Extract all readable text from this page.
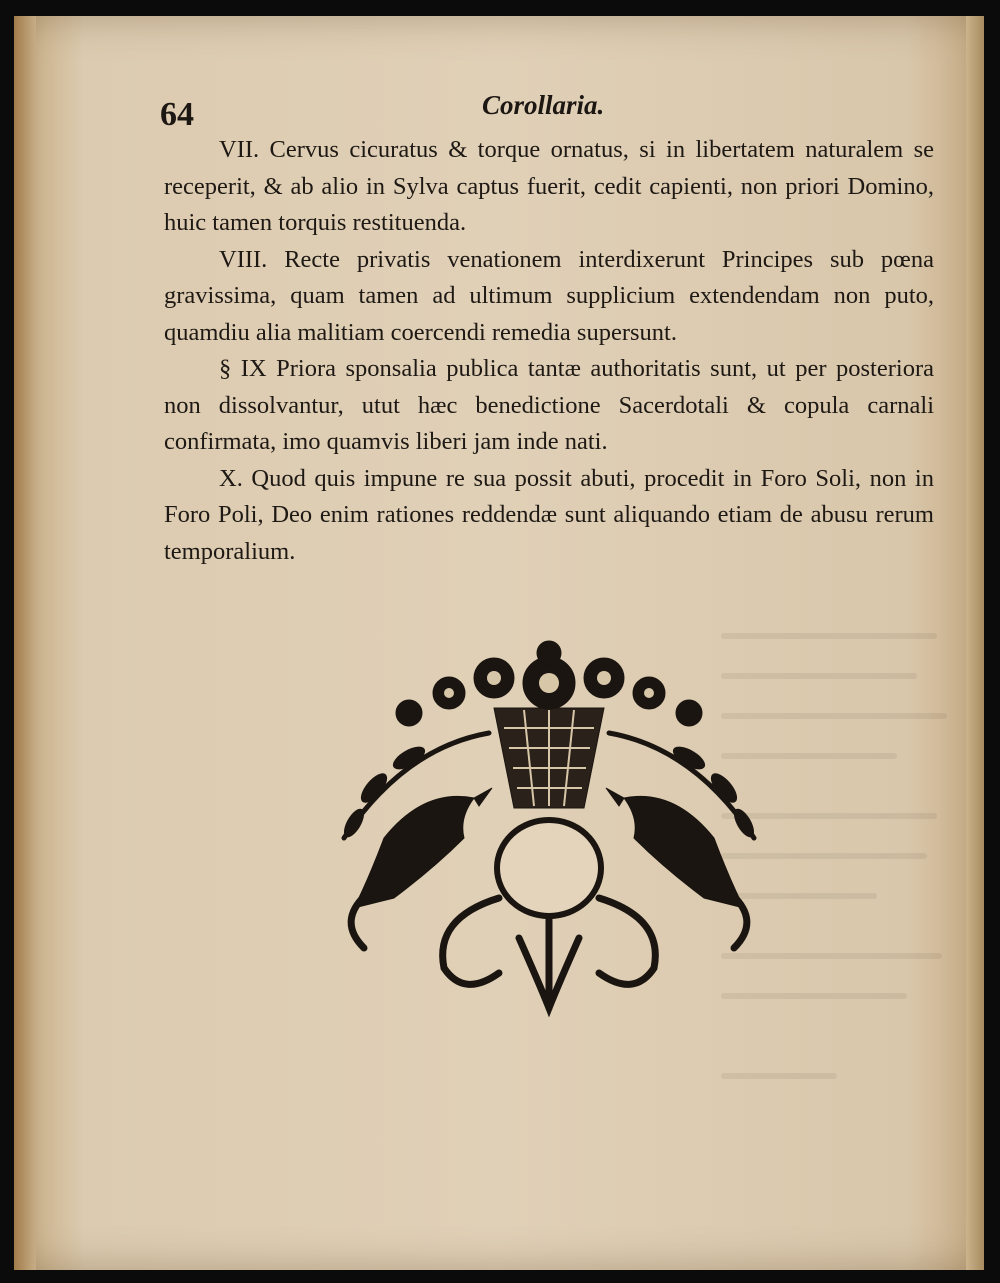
64	Corollaria.

VII. Cervus cicuratus & torque ornatus, si in libertatem naturalem se receperit, & ab alio in Sylva captus fuerit, cedit capienti, non priori Domino, huic tamen torquis restituenda.

VIII. Recte privatis venationem interdixerunt Principes sub pœna gravissima, quam tamen ad ultimum supplicium extendendam non puto, quamdiu alia malitiam coercendi remedia supersunt.

§ IX Priora sponsalia publica tantæ authoritatis sunt, ut per posteriora non dissolvantur, utut hæc benedictione Sacerdotali & copula carnali confirmata, imo quamvis liberi jam inde nati.

X. Quod quis impune re sua possit abuti, procedit in Foro Soli, non in Foro Poli, Deo enim rationes reddendæ sunt aliquando etiam de abusu rerum temporalium.
